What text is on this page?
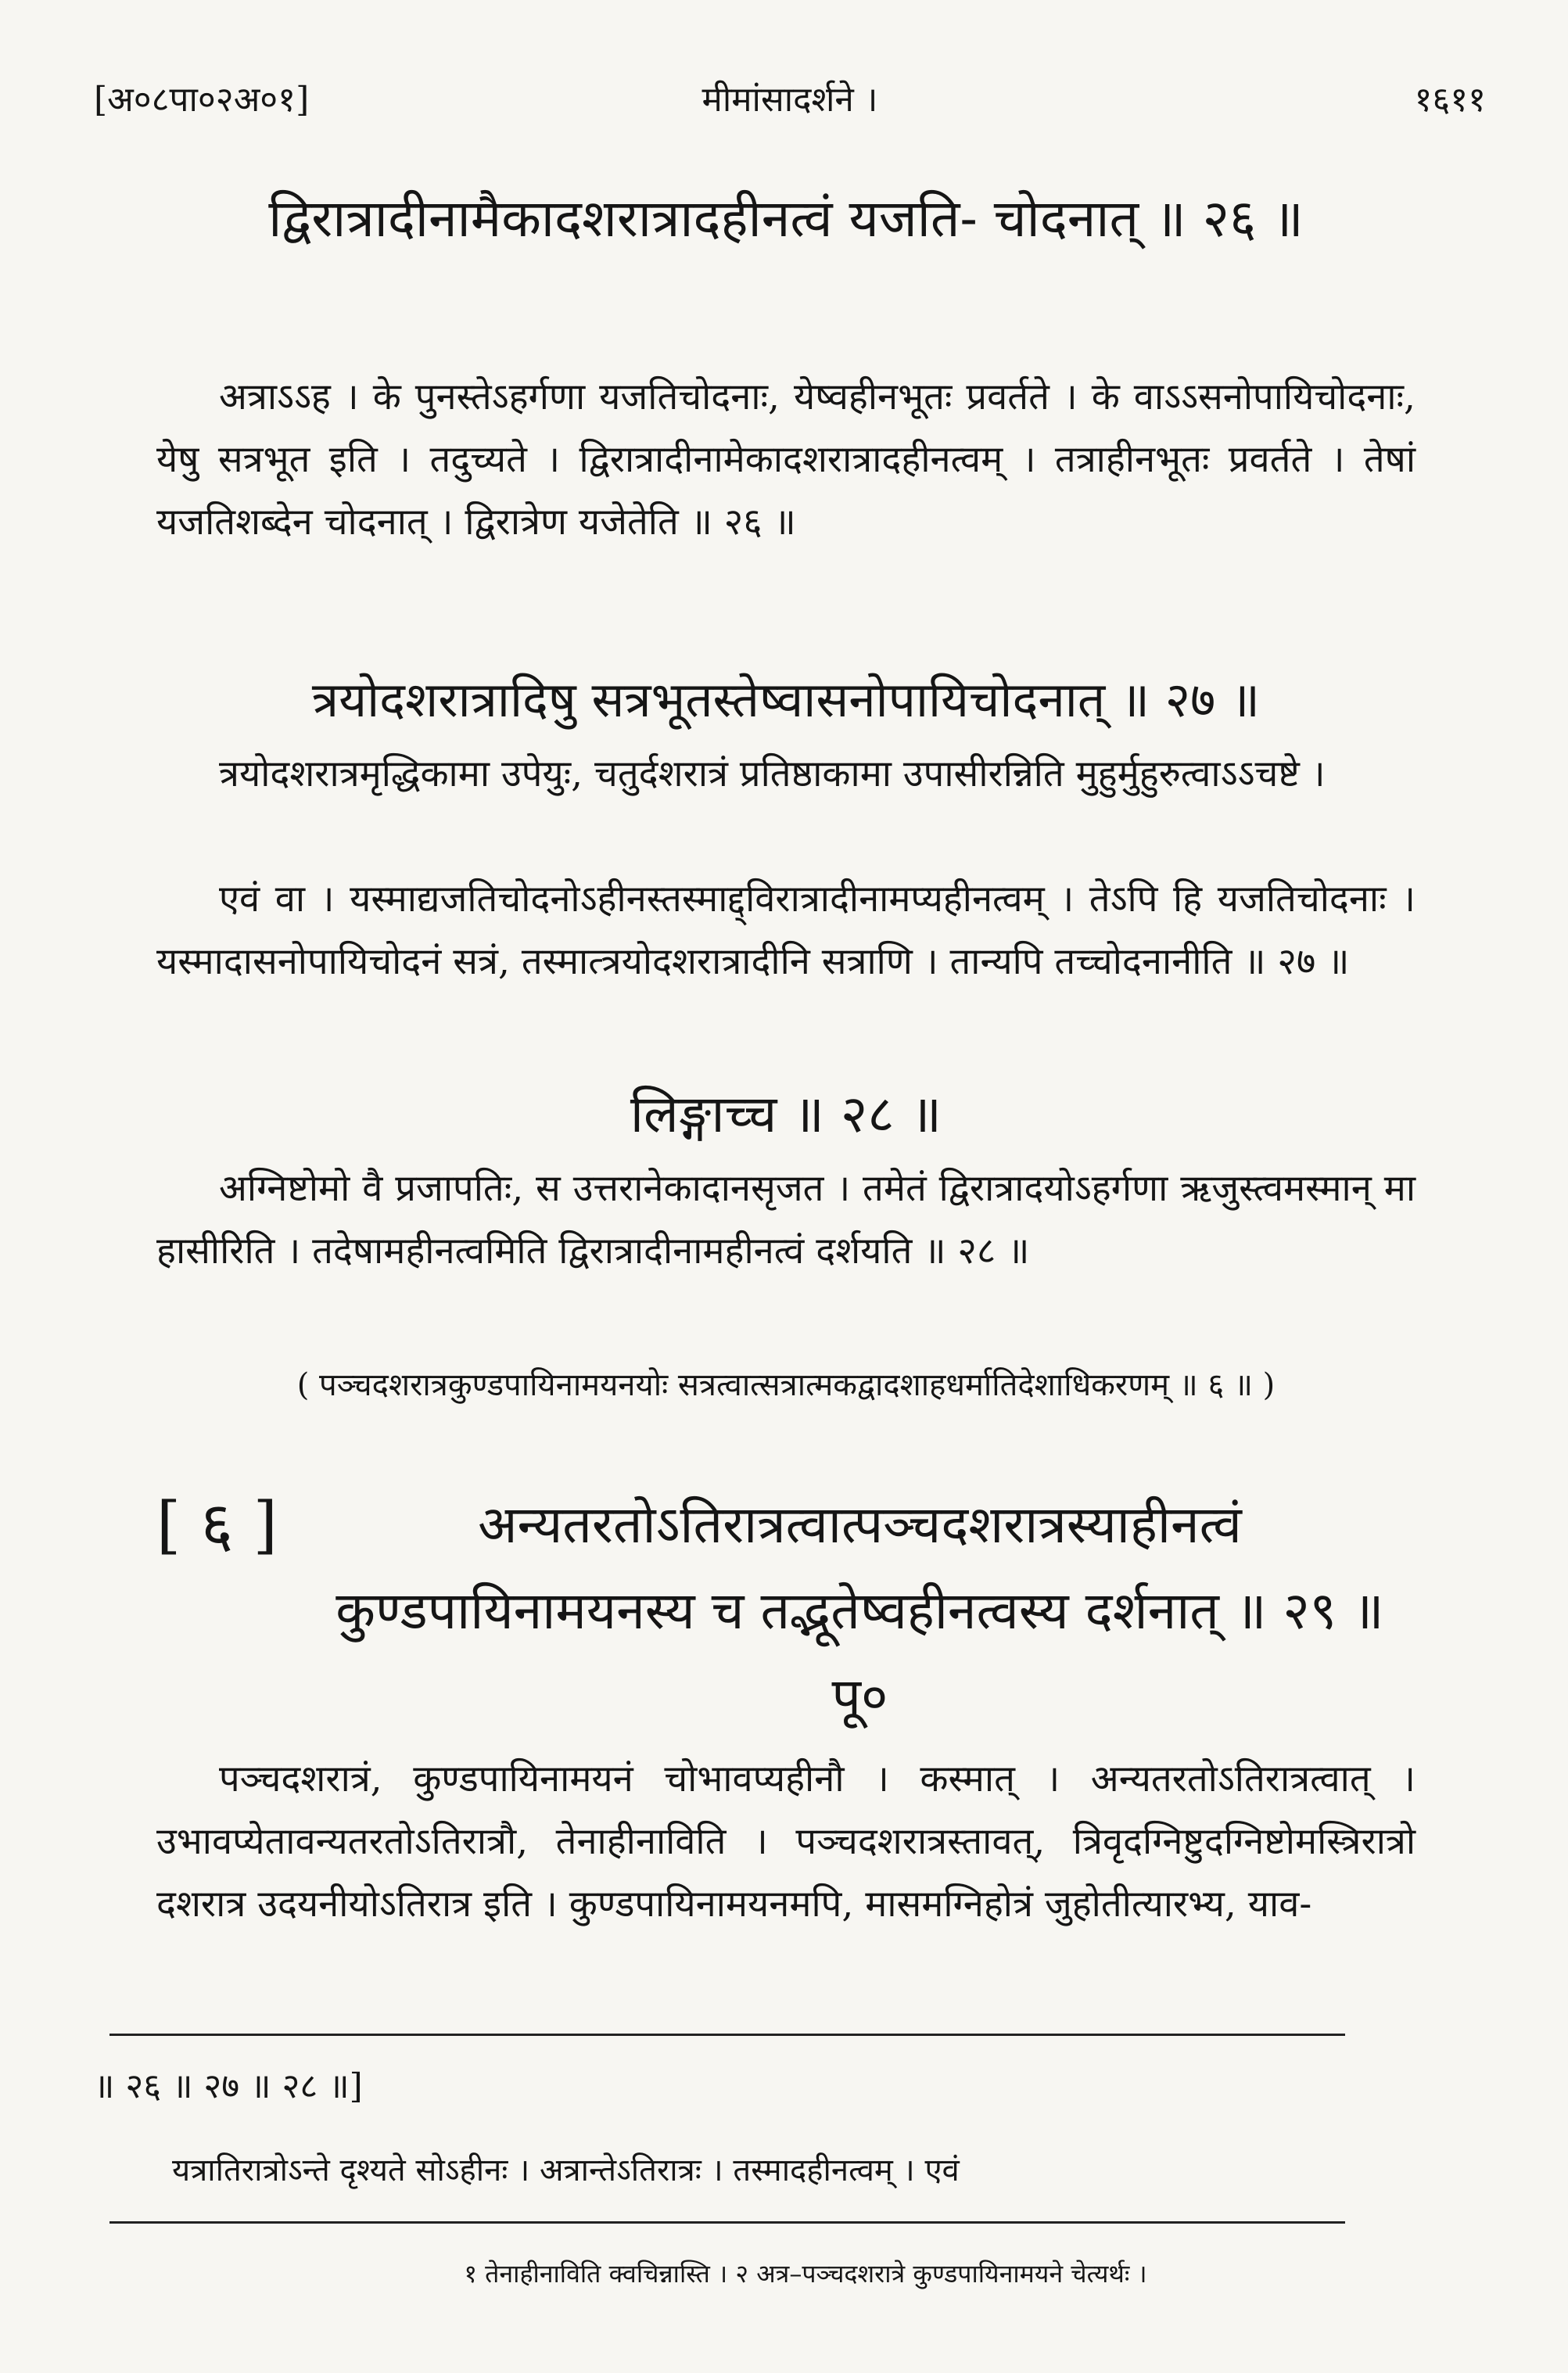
[अ०८पा०२अ०१]	मीमांसादर्शने ।	१६११
द्विरात्रादीनामैकादशरात्रादहीनत्वं यजति- चोदनात् ॥ २६ ॥
अत्राऽऽह । के पुनस्तेऽहर्गणा यजतिचोदनाः, येष्वहीनभूतः प्रवर्तते । के वाऽऽसनोपायिचोदनाः, येषु सत्रभूत इति । तदुच्यते । द्विरात्रादीनामेकादशरात्रादहीनत्वम् । तत्राहीनभूतः प्रवर्तते । तेषां यजतिशब्देन चोदनात् । द्विरात्रेण यजेतेति ॥ २६ ॥
त्रयोदशरात्रादिषु सत्रभूतस्तेष्वासनोपायिचोदनात् ॥ २७ ॥
त्रयोदशरात्रमृद्धिकामा उपेयुः, चतुर्दशरात्रं प्रतिष्ठाकामा उपासीरन्निति मुहुर्मुहुरुत्वाऽऽचष्टे ।
एवं वा । यस्माद्यजतिचोदनोऽहीनस्तस्माद्द्विरात्रादीनामप्यहीनत्वम् । तेऽपि हि यजतिचोदनाः । यस्मादासनोपायिचोदनं सत्रं, तस्मात्त्रयोदशरात्रादीनि सत्राणि । तान्यपि तच्चोदनानीति ॥ २७ ॥
लिङ्गाच्च ॥ २८ ॥
अग्निष्टोमो वै प्रजापतिः, स उत्तरानेकादानसृजत । तमेतं द्विरात्रादयोऽहर्गणा ऋजुस्त्वमस्मान् मा हासीरिति । तदेषामहीनत्वमिति द्विरात्रादीनामहीनत्वं दर्शयति ॥ २८ ॥
( पञ्चदशरात्रकुण्डपायिनामयनयोः सत्रत्वात्सत्रात्मकद्वादशाहधर्मातिदेशाधिकरणम् ॥ ६ ॥ )
[ ६ ]	अन्यतरतोऽतिरात्रत्वात्पञ्चदशरात्रस्याहीनत्वं कुण्डपायिनामयनस्य च तद्भूतेष्वहीनत्वस्य दर्शनात् ॥ २९ ॥ पू०
पञ्चदशरात्रं, कुण्डपायिनामयनं चोभावप्यहीनौ । कस्मात् । अन्यतरतोऽतिरात्रत्वात् । उभावप्येतावन्यतरतोऽतिरात्रौ, तेनाहीनाविति । पञ्चदशरात्रस्तावत्, त्रिवृदग्निष्टुदग्निष्टोमस्त्रिरात्रो दशरात्र उदयनीयोऽतिरात्र इति । कुण्डपायिनामयनमपि, मासमग्निहोत्रं जुहोतीत्यारभ्य, याव-
॥ २६ ॥ २७ ॥ २८ ॥]
यत्रातिरात्रोऽन्ते दृश्यते सोऽहीनः । अत्रान्तेऽतिरात्रः । तस्मादहीनत्वम् । एवं
१ तेनाहीनाविति क्वचिन्नास्ति । २ अत्र–पञ्चदशरात्रे कुण्डपायिनामयने चेत्यर्थः ।
